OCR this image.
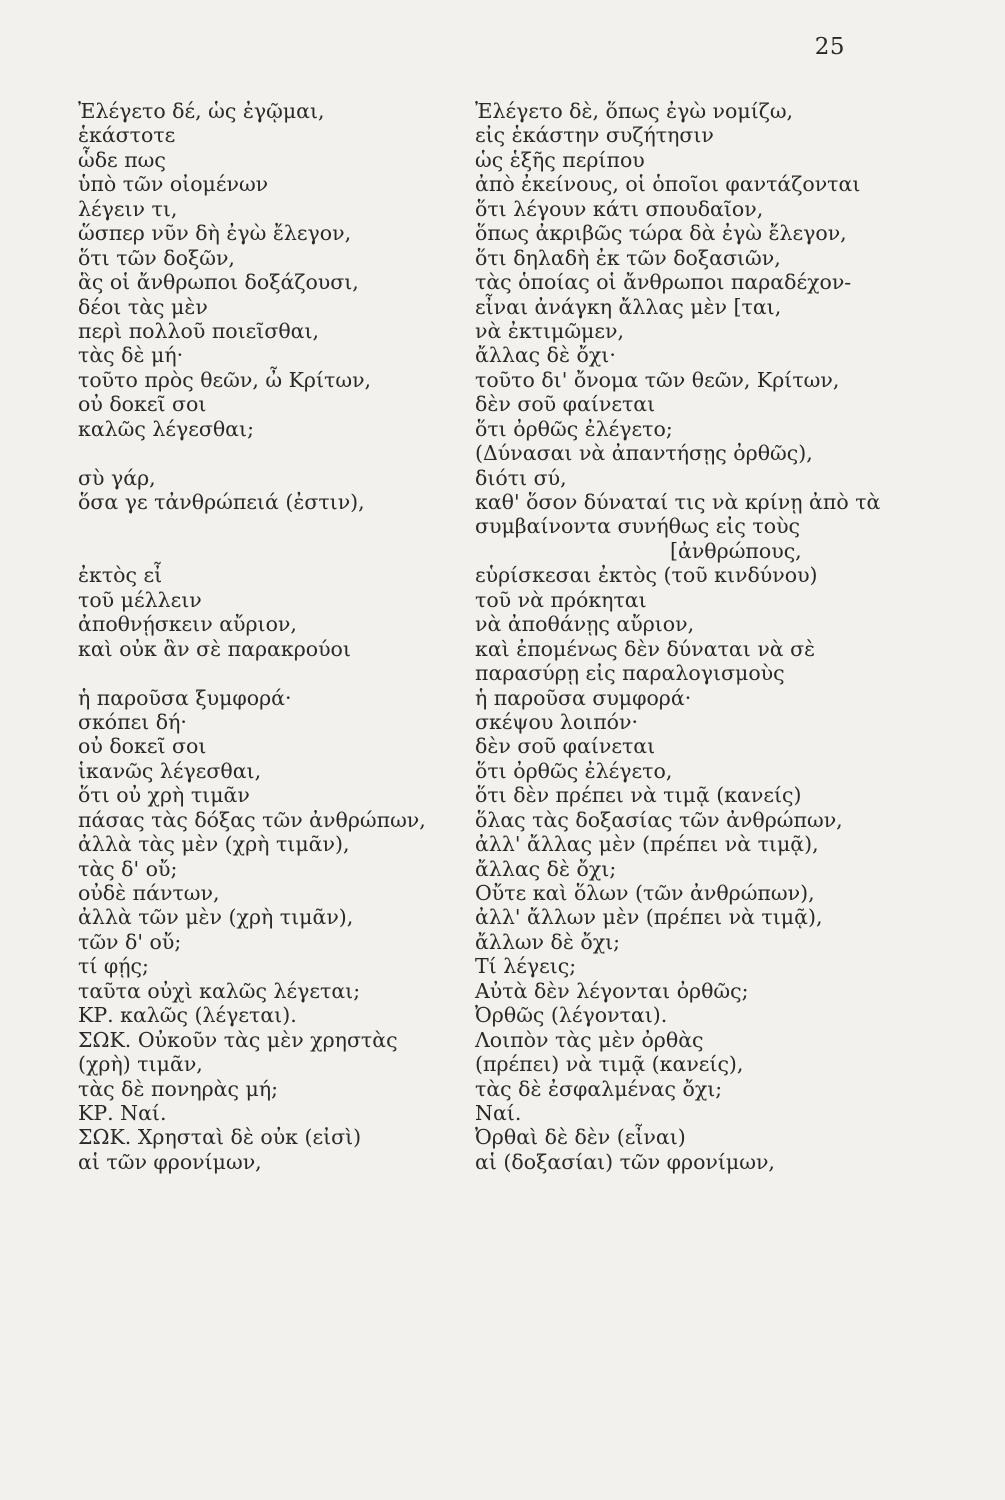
25
Ἐλέγετο δέ, ὡς ἐγῷμαι,
ἑκάστοτε
ὧδε πως
ὑπὸ τῶν οἰομένων
λέγειν τι,
ὥσπερ νῦν δὴ ἐγὼ ἔλεγον,
ὅτι τῶν δοξῶν,
ἃς οἱ ἄνθρωποι δοξάζουσι,
δέοι τὰς μὲν
περὶ πολλοῦ ποιεῖσθαι,
τὰς δὲ μή·
τοῦτο πρὸς θεῶν, ὦ Κρίτων,
οὐ δοκεῖ σοι
καλῶς λέγεσθαι;
σὺ γάρ,
ὅσα γε τἀνθρώπειά (ἐστιν),
ἐκτὸς εἶ
τοῦ μέλλειν
ἀποθνῄσκειν αὔριον,
καὶ οὐκ ἂν σὲ παρακρούοι
ἡ παροῦσα ξυμφορά·
σκόπει δή·
οὐ δοκεῖ σοι
ἱκανῶς λέγεσθαι,
ὅτι οὐ χρὴ τιμᾶν
πάσας τὰς δόξας τῶν ἀνθρώπων,
ἀλλὰ τὰς μὲν (χρὴ τιμᾶν),
τὰς δ' οὔ;
οὐδὲ πάντων,
ἀλλὰ τῶν μὲν (χρὴ τιμᾶν),
τῶν δ' οὔ;
τί φῄς;
ταῦτα οὐχὶ καλῶς λέγεται;
ΚΡ. καλῶς (λέγεται).
ΣΩΚ. Οὐκοῦν τὰς μὲν χρηστὰς
(χρὴ) τιμᾶν,
τὰς δὲ πονηρὰς μή;
ΚΡ. Ναί.
ΣΩΚ. Χρησταὶ δὲ οὐκ (εἰσὶ)
αἱ τῶν φρονίμων,
Ἐλέγετο δὲ, ὅπως ἐγὼ νομίζω,
εἰς ἑκάστην συζήτησιν
ὡς ἑξῆς περίπου
ἀπὸ ἐκείνους, οἱ ὁποῖοι φαντάζονται
ὅτι λέγουν κάτι σπουδαῖον,
ὅπως ἀκριβῶς τώρα δὰ ἐγὼ ἔλεγον,
ὅτι δηλαδὴ ἐκ τῶν δοξασιῶν,
τὰς ὁποίας οἱ ἄνθρωποι παραδέχον-
εἶναι ἀνάγκη ἄλλας μὲν [ται,
νὰ ἐκτιμῶμεν,
ἄλλας δὲ ὄχι·
τοῦτο δι' ὄνομα τῶν θεῶν, Κρίτων,
δὲν σοῦ φαίνεται
ὅτι ὀρθῶς ἐλέγετο;
(Δύνασαι νὰ ἀπαντήσῃς ὀρθῶς),
διότι σύ,
καθ' ὅσον δύναταί τις νὰ κρίνῃ ἀπὸ τὰ
συμβαίνοντα συνήθως εἰς τοὺς
[ἀνθρώπους,
εὑρίσκεσαι ἐκτὸς (τοῦ κινδύνου)
τοῦ νὰ πρόκηται
νὰ ἀποθάνῃς αὔριον,
καὶ ἐπομένως δὲν δύναται νὰ σὲ
παρασύρῃ εἰς παραλογισμοὺς
ἡ παροῦσα συμφορά·
σκέψου λοιπόν·
δὲν σοῦ φαίνεται
ὅτι ὀρθῶς ἐλέγετο,
ὅτι δὲν πρέπει νὰ τιμᾷ (κανείς)
ὅλας τὰς δοξασίας τῶν ἀνθρώπων,
ἀλλ' ἄλλας μὲν (πρέπει νὰ τιμᾷ),
ἄλλας δὲ ὄχι;
Οὔτε καὶ ὅλων (τῶν ἀνθρώπων),
ἀλλ' ἄλλων μὲν (πρέπει νὰ τιμᾷ),
ἄλλων δὲ ὄχι;
Τί λέγεις;
Αὐτὰ δὲν λέγονται ὀρθῶς;
Ὀρθῶς (λέγονται).
Λοιπὸν τὰς μὲν ὀρθὰς
(πρέπει) νὰ τιμᾷ (κανείς),
τὰς δὲ ἐσφαλμένας ὄχι;
Ναί.
Ὀρθαὶ δὲ δὲν (εἶναι)
αἱ (δοξασίαι) τῶν φρονίμων,
